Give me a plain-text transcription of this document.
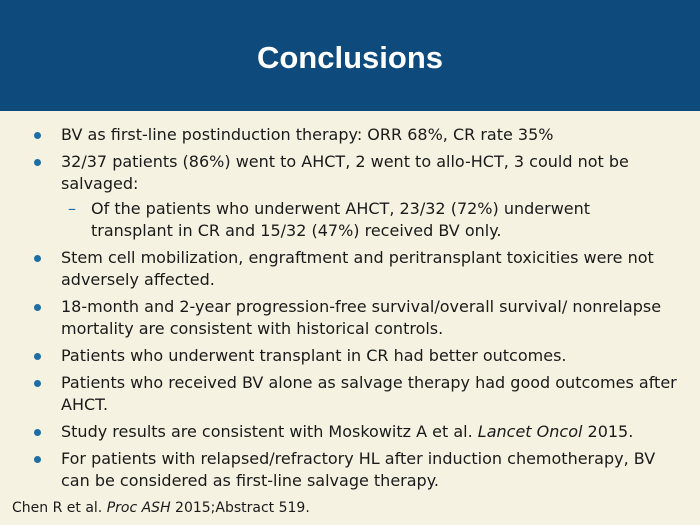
Conclusions
BV as first-line postinduction therapy: ORR 68%, CR rate 35%
32/37 patients (86%) went to AHCT, 2 went to allo-HCT, 3 could not be salvaged:
– Of the patients who underwent AHCT, 23/32 (72%) underwent transplant in CR and 15/32 (47%) received BV only.
Stem cell mobilization, engraftment and peritransplant toxicities were not adversely affected.
18-month and 2-year progression-free survival/overall survival/ nonrelapse mortality are consistent with historical controls.
Patients who underwent transplant in CR had better outcomes.
Patients who received BV alone as salvage therapy had good outcomes after AHCT.
Study results are consistent with Moskowitz A et al. Lancet Oncol 2015.
For patients with relapsed/refractory HL after induction chemotherapy, BV can be considered as first-line salvage therapy.
Chen R et al. Proc ASH 2015;Abstract 519.
